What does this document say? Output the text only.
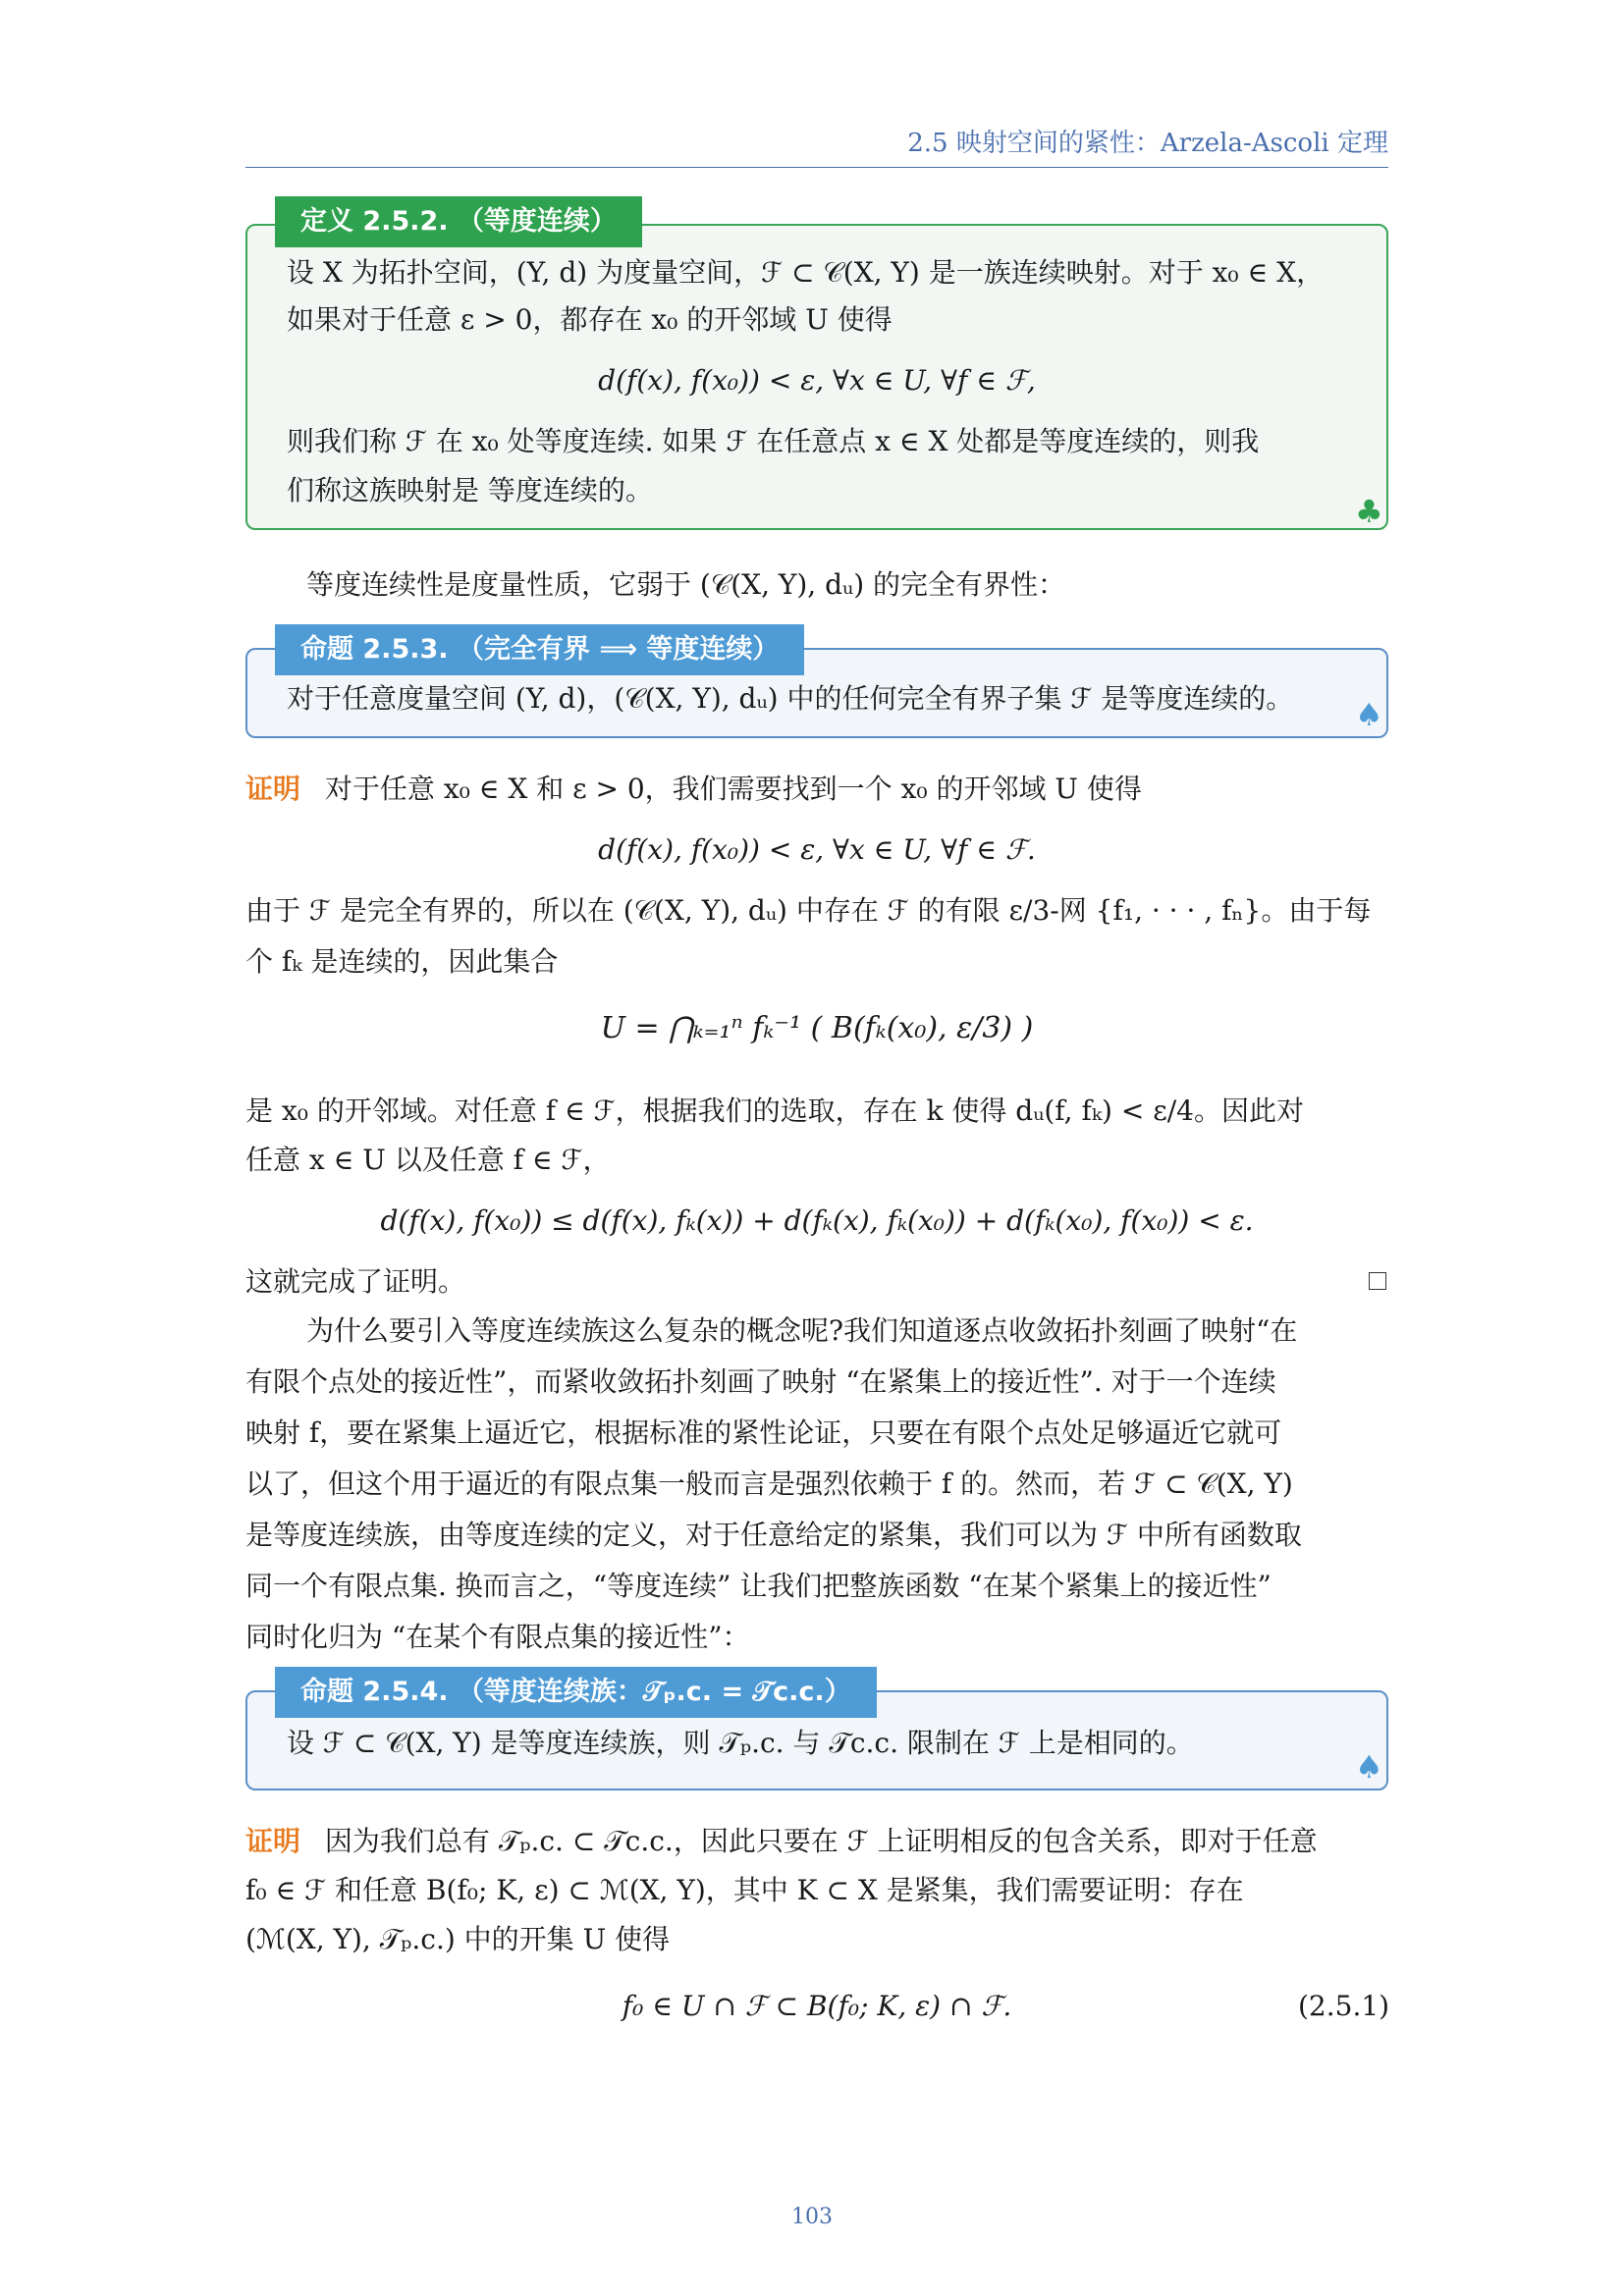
2.5 映射空间的紧性：Arzela-Ascoli 定理
定义 2.5.2. （等度连续）
设 X 为拓扑空间，(Y, d) 为度量空间，ℱ ⊂ 𝒞(X, Y) 是一族连续映射。对于 x₀ ∈ X，
如果对于任意 ε > 0，都存在 x₀ 的开邻域 U 使得
d(f(x), f(x₀)) < ε, ∀x ∈ U, ∀f ∈ ℱ,
则我们称 ℱ 在 x₀ 处等度连续. 如果 ℱ 在任意点 x ∈ X 处都是等度连续的，则我
们称这族映射是 等度连续的。
♣
等度连续性是度量性质，它弱于 (𝒞(X, Y), dᵤ) 的完全有界性：
命题 2.5.3. （完全有界 ⟹ 等度连续）
对于任意度量空间 (Y, d)，(𝒞(X, Y), dᵤ) 中的任何完全有界子集 ℱ 是等度连续的。 ♠
证明 对于任意 x₀ ∈ X 和 ε > 0，我们需要找到一个 x₀ 的开邻域 U 使得
d(f(x), f(x₀)) < ε, ∀x ∈ U, ∀f ∈ ℱ.
由于 ℱ 是完全有界的，所以在 (𝒞(X, Y), dᵤ) 中存在 ℱ 的有限 ε/3-网 {f₁, · · · , fₙ}。由于每
个 fₖ 是连续的，因此集合
U = ⋂ₖ₌₁ⁿ fₖ⁻¹ ( B(fₖ(x₀), ε/3) )
是 x₀ 的开邻域。对任意 f ∈ ℱ，根据我们的选取，存在 k 使得 dᵤ(f, fₖ) < ε/4。因此对
任意 x ∈ U 以及任意 f ∈ ℱ，
d(f(x), f(x₀)) ≤ d(f(x), fₖ(x)) + d(fₖ(x), fₖ(x₀)) + d(fₖ(x₀), f(x₀)) < ε.
这就完成了证明。
为什么要引入等度连续族这么复杂的概念呢?我们知道逐点收敛拓扑刻画了映射“在
有限个点处的接近性”，而紧收敛拓扑刻画了映射 “在紧集上的接近性”. 对于一个连续
映射 f，要在紧集上逼近它，根据标准的紧性论证，只要在有限个点处足够逼近它就可
以了，但这个用于逼近的有限点集一般而言是强烈依赖于 f 的。然而，若 ℱ ⊂ 𝒞(X, Y)
是等度连续族，由等度连续的定义，对于任意给定的紧集，我们可以为 ℱ 中所有函数取
同一个有限点集. 换而言之，“等度连续” 让我们把整族函数 “在某个紧集上的接近性”
同时化归为 “在某个有限点集的接近性”：
命题 2.5.4. （等度连续族：𝒯ₚ.c. = 𝒯c.c.）
设 ℱ ⊂ 𝒞(X, Y) 是等度连续族，则 𝒯ₚ.c. 与 𝒯c.c. 限制在 ℱ 上是相同的。
♠
证明 因为我们总有 𝒯ₚ.c. ⊂ 𝒯c.c.，因此只要在 ℱ 上证明相反的包含关系，即对于任意
f₀ ∈ ℱ 和任意 B(f₀; K, ε) ⊂ ℳ(X, Y)，其中 K ⊂ X 是紧集，我们需要证明：存在
(ℳ(X, Y), 𝒯ₚ.c.) 中的开集 U 使得
f₀ ∈ U ∩ ℱ ⊂ B(f₀; K, ε) ∩ ℱ.	(2.5.1)
103
